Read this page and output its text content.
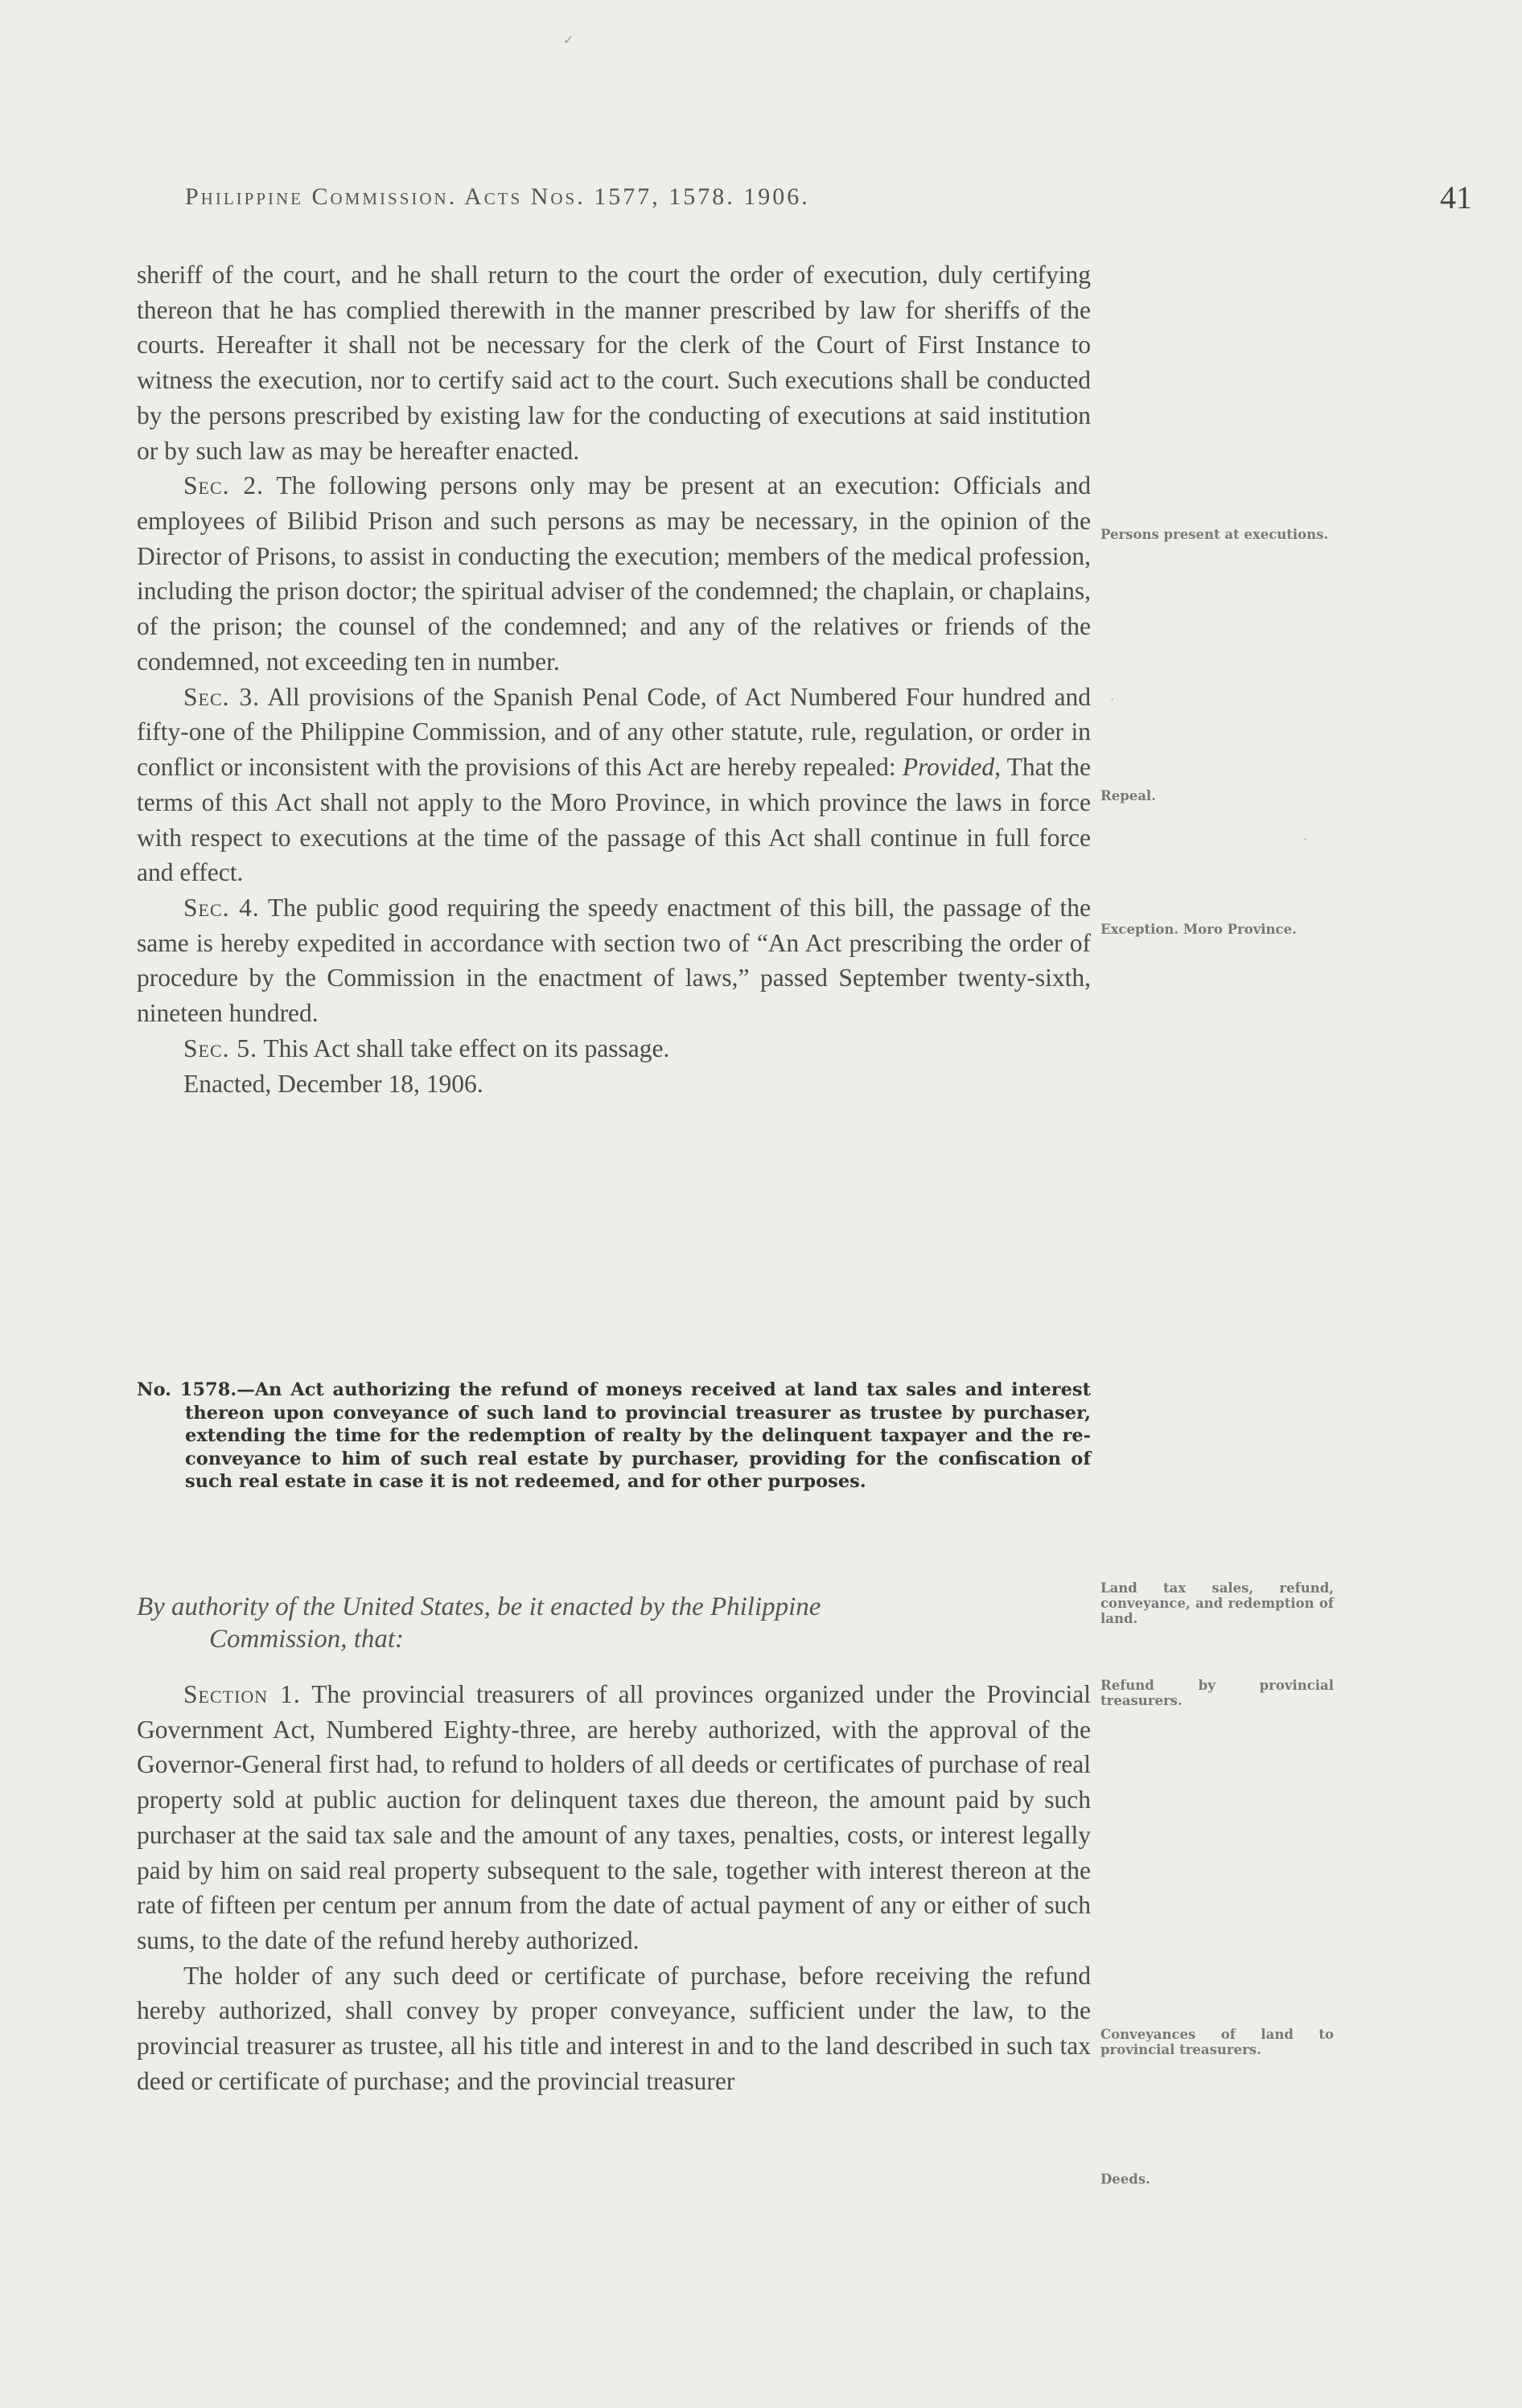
Philippine Commission. Acts Nos. 1577, 1578. 1906.	41

sheriff of the court, and he shall return to the court the order of execution, duly certifying thereon that he has complied therewith in the manner prescribed by law for sheriffs of the courts. Hereafter it shall not be necessary for the clerk of the Court of First Instance to witness the execution, nor to certify said act to the court. Such executions shall be conducted by the persons prescribed by existing law for the conducting of executions at said institution or by such law as may be hereafter enacted.

Sec. 2. The following persons only may be present at an execution: Officials and employees of Bilibid Prison and such persons as may be necessary, in the opinion of the Director of Prisons, to assist in conducting the execution; members of the medical profession, including the prison doctor; the spiritual adviser of the condemned; the chaplain, or chaplains, of the prison; the counsel of the condemned; and any of the relatives or friends of the condemned, not exceeding ten in number.

Sec. 3. All provisions of the Spanish Penal Code, of Act Numbered Four hundred and fifty-one of the Philippine Commission, and of any other statute, rule, regulation, or order in conflict or inconsistent with the provisions of this Act are hereby repealed: Provided, That the terms of this Act shall not apply to the Moro Province, in which province the laws in force with respect to executions at the time of the passage of this Act shall continue in full force and effect.

Sec. 4. The public good requiring the speedy enactment of this bill, the passage of the same is hereby expedited in accordance with section two of “An Act prescribing the order of procedure by the Commission in the enactment of laws,” passed September twenty-sixth, nineteen hundred.

Sec. 5. This Act shall take effect on its passage.

Enacted, December 18, 1906.

No. 1578.—An Act authorizing the refund of moneys received at land tax sales and interest thereon upon conveyance of such land to provincial treasurer as trustee by purchaser, extending the time for the redemption of realty by the delinquent taxpayer and the re-conveyance to him of such real estate by purchaser, providing for the confiscation of such real estate in case it is not redeemed, and for other purposes.

By authority of the United States, be it enacted by the Philippine
Commission, that:

Section 1. The provincial treasurers of all provinces organized under the Provincial Government Act, Numbered Eighty-three, are hereby authorized, with the approval of the Governor-General first had, to refund to holders of all deeds or certificates of purchase of real property sold at public auction for delinquent taxes due thereon, the amount paid by such purchaser at the said tax sale and the amount of any taxes, penalties, costs, or interest legally paid by him on said real property subsequent to the sale, together with interest thereon at the rate of fifteen per centum per annum from the date of actual payment of any or either of such sums, to the date of the refund hereby authorized.

The holder of any such deed or certificate of purchase, before receiving the refund hereby authorized, shall convey by proper conveyance, sufficient under the law, to the provincial treasurer as trustee, all his title and interest in and to the land described in such tax deed or certificate of purchase; and the provincial treasurer

Persons present at executions.
Repeal.
Exception. Moro Province.
Land tax sales, refund, conveyance, and redemption of land.
Refund by provincial treasurers.
Conveyances of land to provincial treasurers.
Deeds.
✓
·
·
